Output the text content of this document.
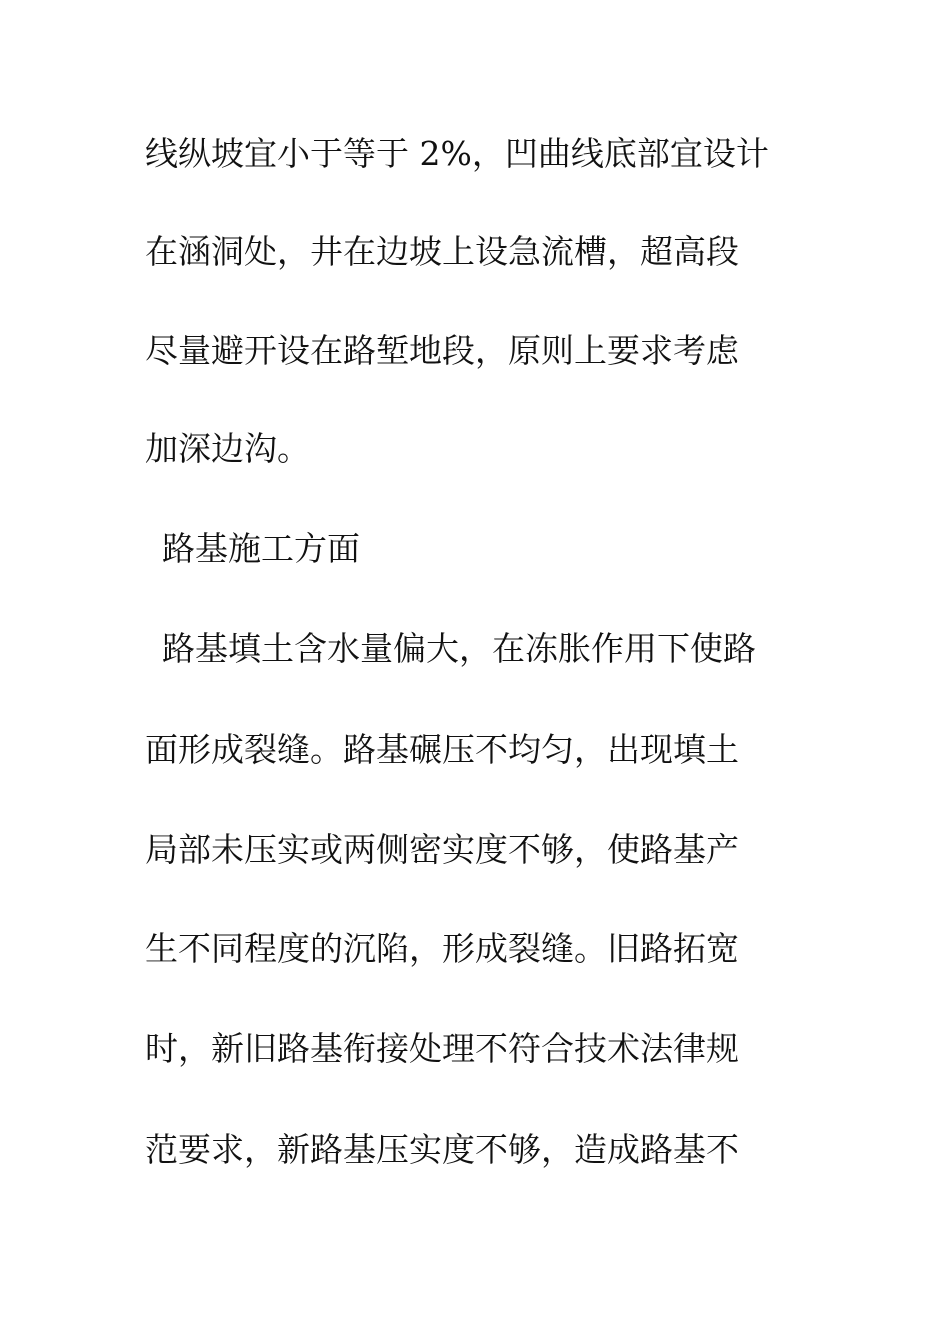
线纵坡宜小于等于 2%，凹曲线底部宜设计

在涵洞处，井在边坡上设急流槽，超高段

尽量避开设在路堑地段，原则上要求考虑

加深边沟。

路基施工方面

路基填土含水量偏大，在冻胀作用下使路

面形成裂缝。路基碾压不均匀，出现填土

局部未压实或两侧密实度不够，使路基产

生不同程度的沉陷，形成裂缝。旧路拓宽

时，新旧路基衔接处理不符合技术法律规

范要求，新路基压实度不够，造成路基不
